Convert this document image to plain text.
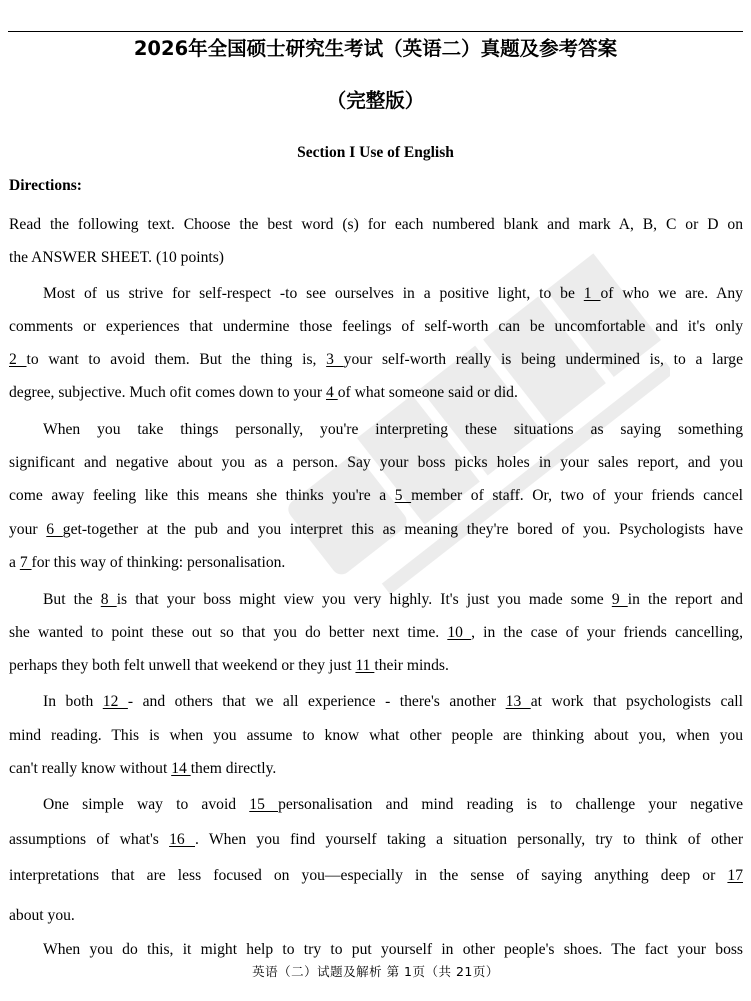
2026年全国硕士研究生考试（英语二）真题及参考答案
（完整版）
Section I Use of English
Directions:
Read the following text. Choose the best word (s) for each numbered blank and mark A, B, C or D on
the ANSWER SHEET. (10 points)
Most of us strive for self-respect -to see ourselves in a positive light, to be 1 of who we are. Any
comments or experiences that undermine those feelings of self-worth can be uncomfortable and it's only
2 to want to avoid them. But the thing is, 3 your self-worth really is being undermined is, to a large
degree, subjective. Much ofit comes down to your 4 of what someone said or did.
When you take things personally, you're interpreting these situations as saying something
significant and negative about you as a person. Say your boss picks holes in your sales report, and you
come away feeling like this means she thinks you're a 5 member of staff. Or, two of your friends cancel
your 6 get-together at the pub and you interpret this as meaning they're bored of you. Psychologists have
a 7 for this way of thinking: personalisation.
But the 8 is that your boss might view you very highly. It's just you made some 9 in the report and
she wanted to point these out so that you do better next time. 10 , in the case of your friends cancelling,
perhaps they both felt unwell that weekend or they just 11 their minds.
In both 12 - and others that we all experience - there's another 13 at work that psychologists call
mind reading. This is when you assume to know what other people are thinking about you, when you
can't really know without 14 them directly.
One simple way to avoid 15 personalisation and mind reading is to challenge your negative
assumptions of what's 16 . When you find yourself taking a situation personally, try to think of other
interpretations that are less focused on you—especially in the sense of saying anything deep or 17
about you.
When you do this, it might help to try to put yourself in other people's shoes. The fact your boss
英语（二）试题及解析 第 1页（共 21页）
